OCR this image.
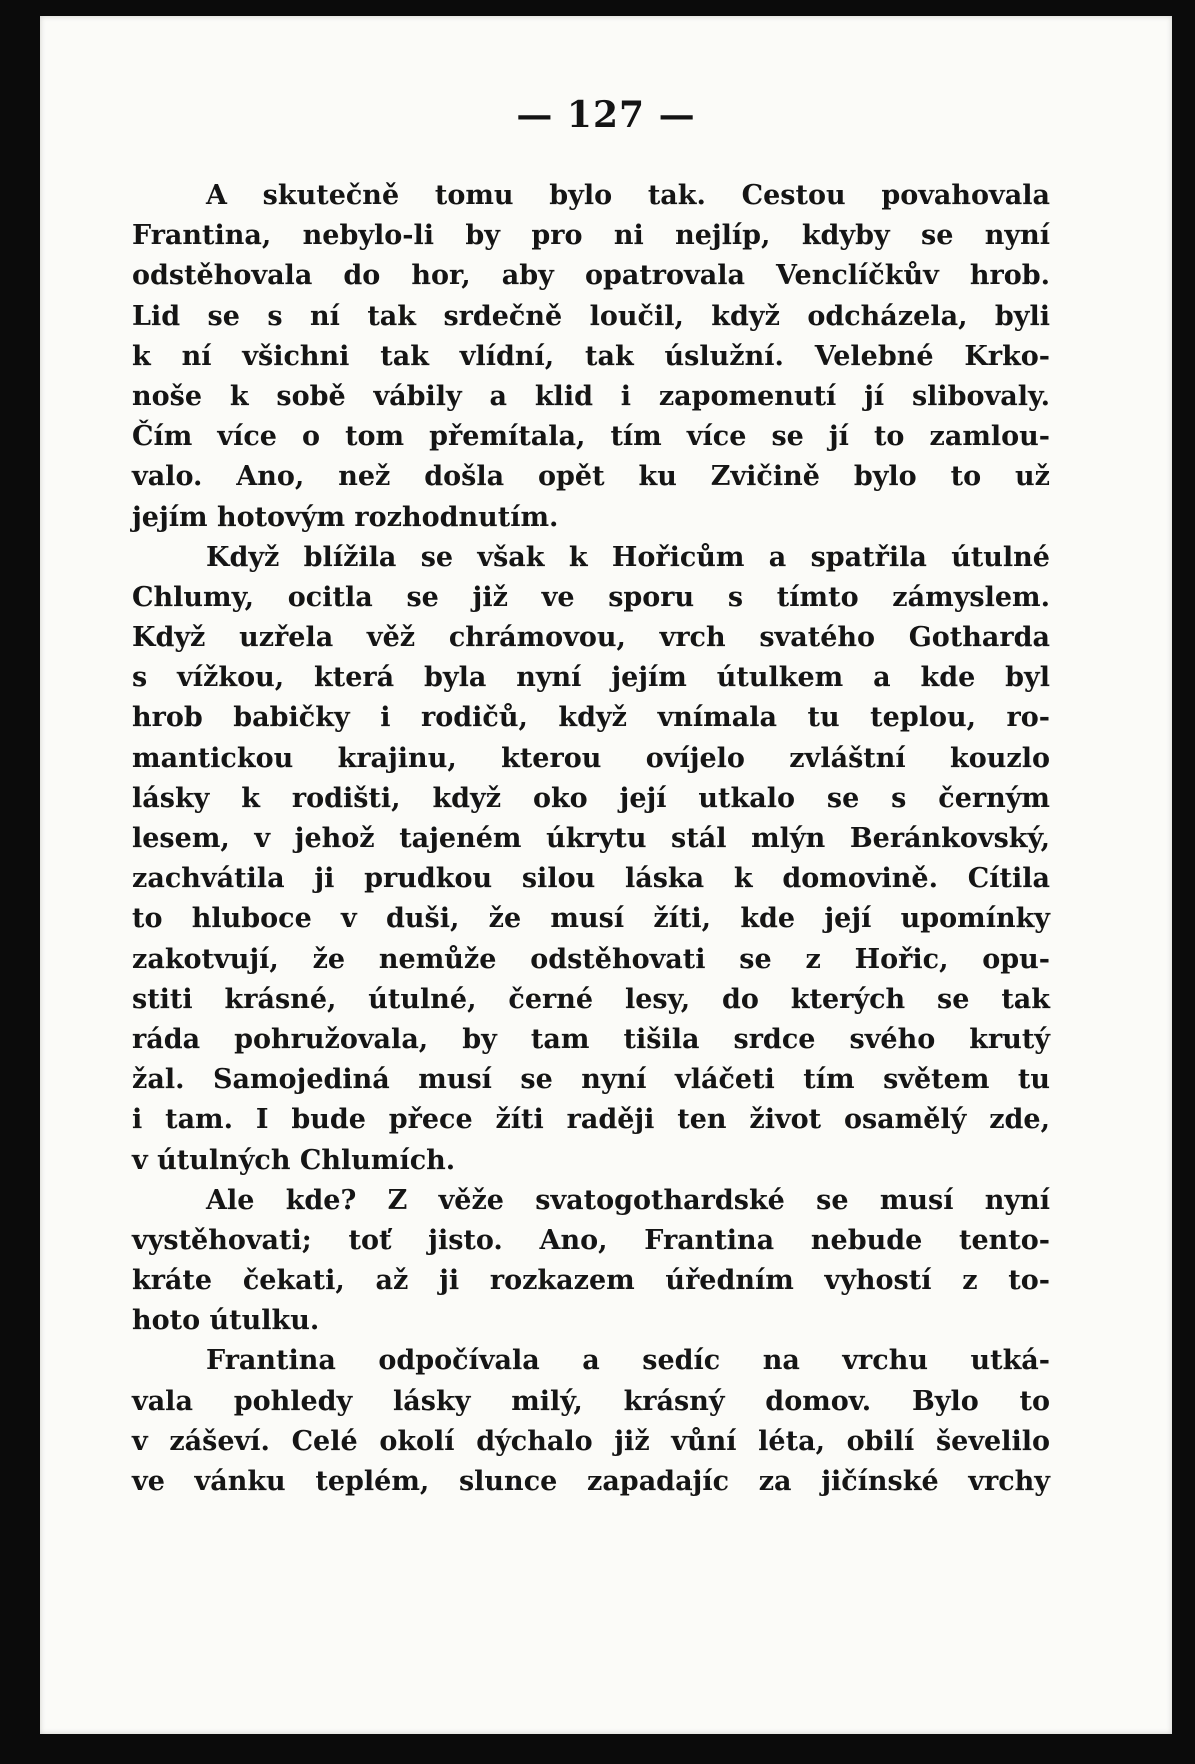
— 127 —
A skutečně tomu bylo tak. Cestou povahovala
Frantina, nebylo-li by pro ni nejlíp, kdyby se nyní
odstěhovala do hor, aby opatrovala Venclíčkův hrob.
Lid se s ní tak srdečně loučil, když odcházela, byli
k ní všichni tak vlídní, tak úslužní. Velebné Krko-
noše k sobě vábily a klid i zapomenutí jí slibovaly.
Čím více o tom přemítala, tím více se jí to zamlou-
valo. Ano, než došla opět ku Zvičině bylo to už
jejím hotovým rozhodnutím.
Když blížila se však k Hořicům a spatřila útulné
Chlumy, ocitla se již ve sporu s tímto zámyslem.
Když uzřela věž chrámovou, vrch svatého Gotharda
s vížkou, která byla nyní jejím útulkem a kde byl
hrob babičky i rodičů, když vnímala tu teplou, ro-
mantickou krajinu, kterou ovíjelo zvláštní kouzlo
lásky k rodišti, když oko její utkalo se s černým
lesem, v jehož tajeném úkrytu stál mlýn Beránkovský,
zachvátila ji prudkou silou láska k domovině. Cítila
to hluboce v duši, že musí žíti, kde její upomínky
zakotvují, že nemůže odstěhovati se z Hořic, opu-
stiti krásné, útulné, černé lesy, do kterých se tak
ráda pohružovala, by tam tišila srdce svého krutý
žal. Samojediná musí se nyní vláčeti tím světem tu
i tam. I bude přece žíti raději ten život osamělý zde,
v útulných Chlumích.
Ale kde? Z věže svatogothardské se musí nyní
vystěhovati; toť jisto. Ano, Frantina nebude tento-
kráte čekati, až ji rozkazem úředním vyhostí z to-
hoto útulku.
Frantina odpočívala a sedíc na vrchu utká-
vala pohledy lásky milý, krásný domov. Bylo to
v záševí. Celé okolí dýchalo již vůní léta, obilí ševelilo
ve vánku teplém, slunce zapadajíc za jičínské vrchy
